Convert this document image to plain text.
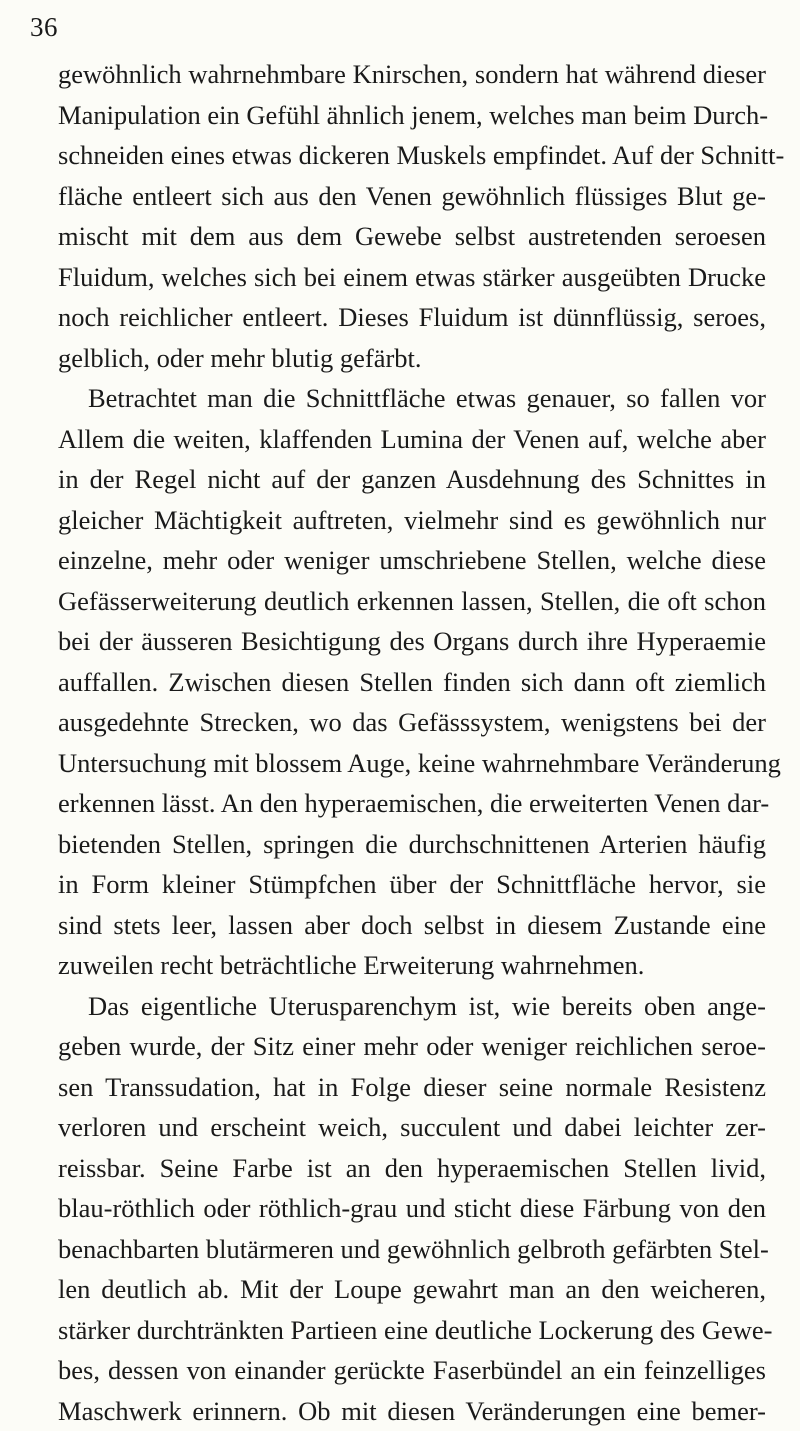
36
gewöhnlich wahrnehmbare Knirschen, sondern hat während dieser
Manipulation ein Gefühl ähnlich jenem, welches man beim Durch-
schneiden eines etwas dickeren Muskels empfindet. Auf der Schnitt-
fläche entleert sich aus den Venen gewöhnlich flüssiges Blut ge-
mischt mit dem aus dem Gewebe selbst austretenden seroesen
Fluidum, welches sich bei einem etwas stärker ausgeübten Drucke
noch reichlicher entleert. Dieses Fluidum ist dünnflüssig, seroes,
gelblich, oder mehr blutig gefärbt.
Betrachtet man die Schnittfläche etwas genauer, so fallen vor
Allem die weiten, klaffenden Lumina der Venen auf, welche aber
in der Regel nicht auf der ganzen Ausdehnung des Schnittes in
gleicher Mächtigkeit auftreten, vielmehr sind es gewöhnlich nur
einzelne, mehr oder weniger umschriebene Stellen, welche diese
Gefässerweiterung deutlich erkennen lassen, Stellen, die oft schon
bei der äusseren Besichtigung des Organs durch ihre Hyperaemie
auffallen. Zwischen diesen Stellen finden sich dann oft ziemlich
ausgedehnte Strecken, wo das Gefässsystem, wenigstens bei der
Untersuchung mit blossem Auge, keine wahrnehmbare Veränderung
erkennen lässt. An den hyperaemischen, die erweiterten Venen dar-
bietenden Stellen, springen die durchschnittenen Arterien häufig
in Form kleiner Stümpfchen über der Schnittfläche hervor, sie
sind stets leer, lassen aber doch selbst in diesem Zustande eine
zuweilen recht beträchtliche Erweiterung wahrnehmen.
Das eigentliche Uterusparenchym ist, wie bereits oben ange-
geben wurde, der Sitz einer mehr oder weniger reichlichen seroe-
sen Transsudation, hat in Folge dieser seine normale Resistenz
verloren und erscheint weich, succulent und dabei leichter zer-
reissbar. Seine Farbe ist an den hyperaemischen Stellen livid,
blau-röthlich oder röthlich-grau und sticht diese Färbung von den
benachbarten blutärmeren und gewöhnlich gelbroth gefärbten Stel-
len deutlich ab. Mit der Loupe gewahrt man an den weicheren,
stärker durchtränkten Partieen eine deutliche Lockerung des Gewe-
bes, dessen von einander gerückte Faserbündel an ein feinzelliges
Maschwerk erinnern. Ob mit diesen Veränderungen eine bemer-
